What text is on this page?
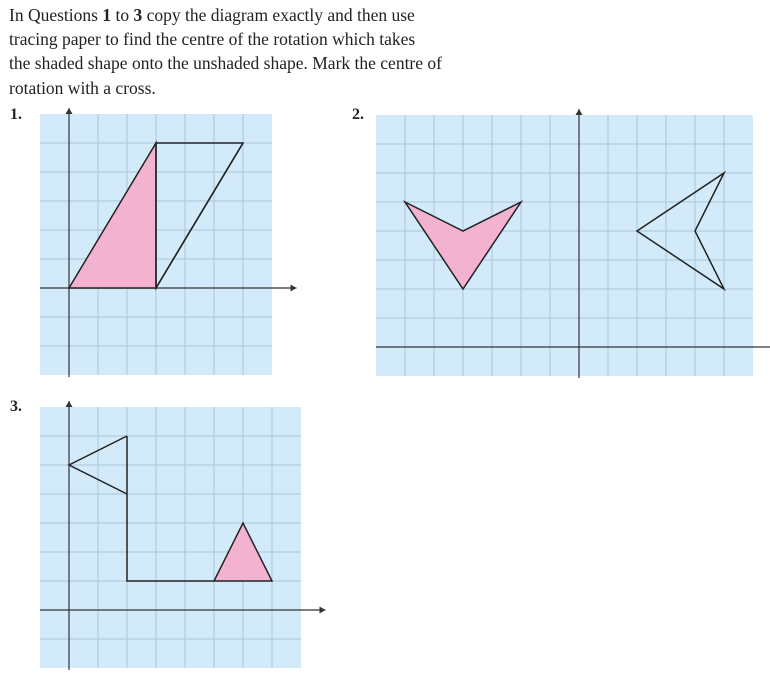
In Questions 1 to 3 copy the diagram exactly and then use
tracing paper to find the centre of the rotation which takes
the shaded shape onto the unshaded shape. Mark the centre of
rotation with a cross.

1.	2.
3.
